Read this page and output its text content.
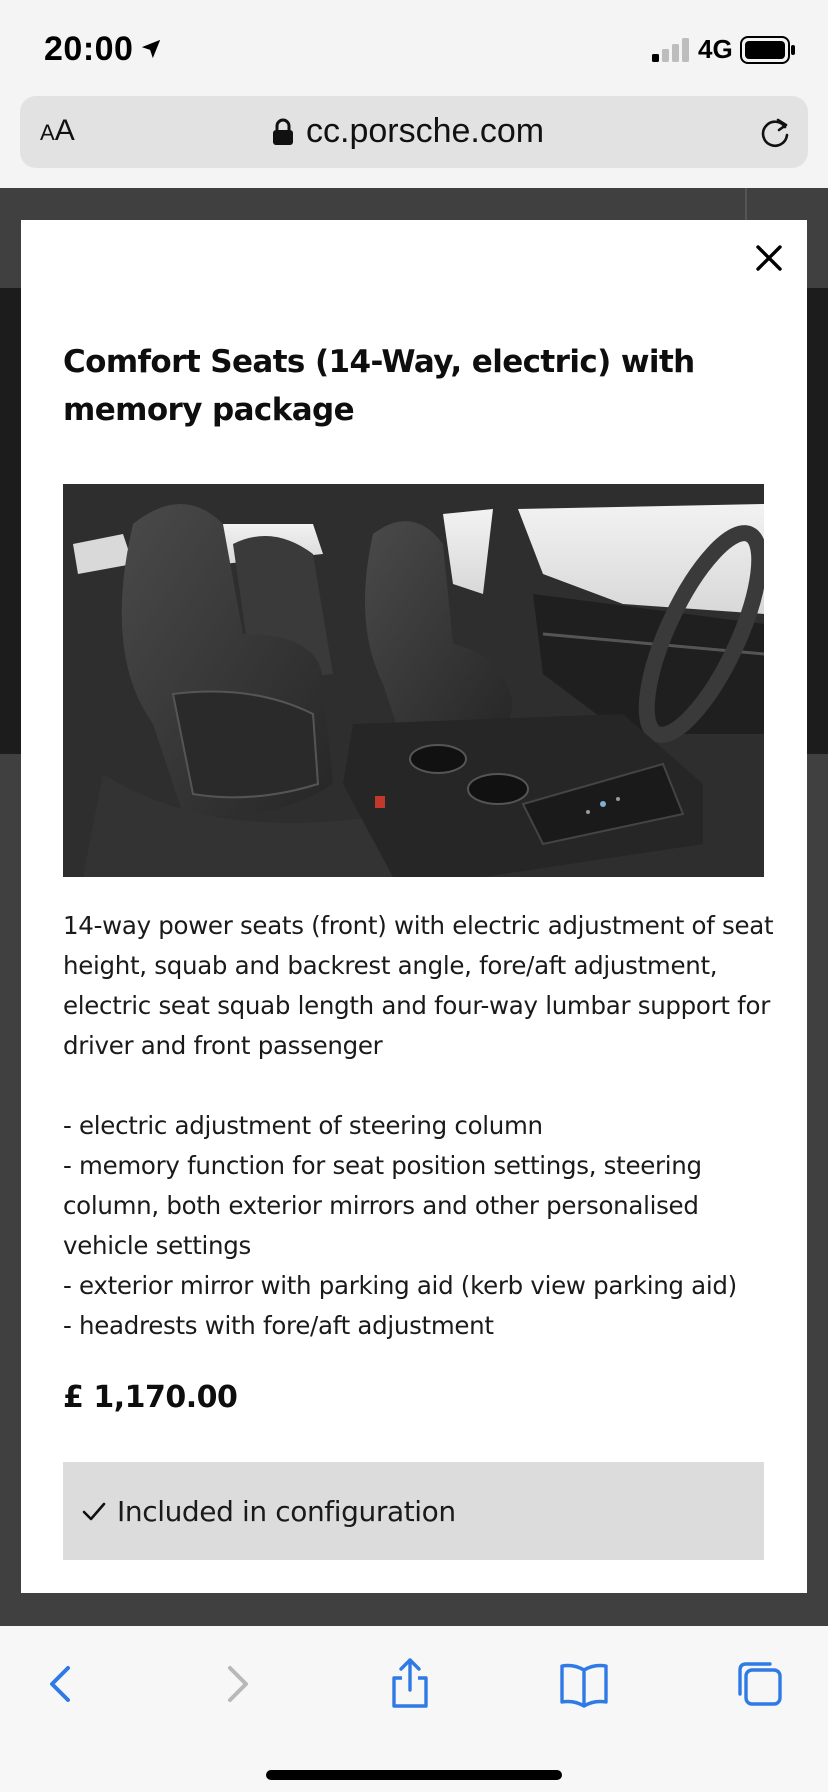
20:00	4G
AA	cc.porsche.com
Comfort Seats (14-Way, electric) with memory package

14-way power seats (front) with electric adjustment of seat height, squab and backrest angle, fore/aft adjustment, electric seat squab length and four-way lumbar support for driver and front passenger

- electric adjustment of steering column

- memory function for seat position settings, steering column, both exterior mirrors and other personalised vehicle settings

- exterior mirror with parking aid (kerb view parking aid)

- headrests with fore/aft adjustment

£ 1,170.00
Included in configuration
